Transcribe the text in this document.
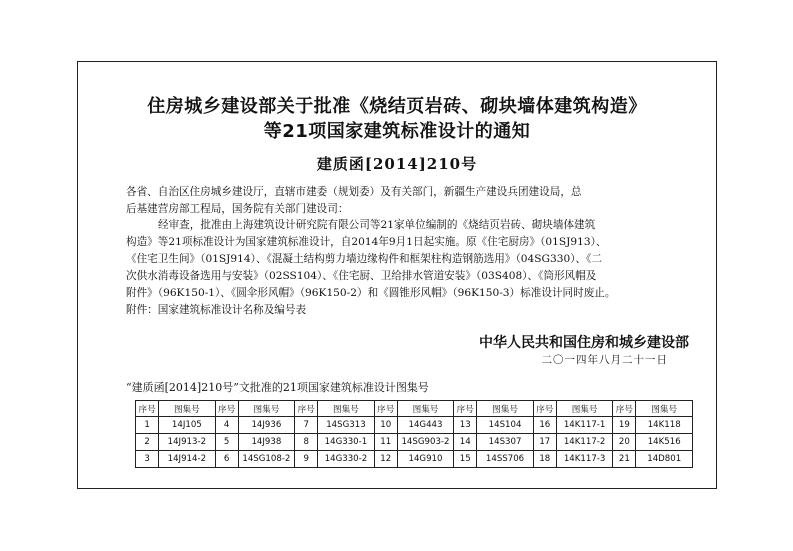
住房城乡建设部关于批准《烧结页岩砖、砌块墙体建筑构造》
等21项国家建筑标准设计的通知
建质函[2014]210号
各省、自治区住房城乡建设厅，直辖市建委（规划委）及有关部门，新疆生产建设兵团建设局，总
后基建营房部工程局，国务院有关部门建设司：
经审查，批准由上海建筑设计研究院有限公司等21家单位编制的《烧结页岩砖、砌块墙体建筑
构造》等21项标准设计为国家建筑标准设计，自2014年9月1日起实施。原《住宅厨房》（01SJ913）、
《住宅卫生间》（01SJ914）、《混凝土结构剪力墙边缘构件和框架柱构造钢筋选用》（04SG330）、《二
次供水消毒设备选用与安装》（02SS104）、《住宅厨、卫给排水管道安装》（03S408）、《筒形风帽及
附件》（96K150-1）、《圆伞形风帽》（96K150-2）和《圆锥形风帽》（96K150-3）标准设计同时废止。
附件：国家建筑标准设计名称及编号表
中华人民共和国住房和城乡建设部
二〇一四年八月二十一日
“建质函[2014]210号”文批准的21项国家建筑标准设计图集号
序号	图集号	序号	图集号	序号	图集号	序号	图集号	序号	图集号	序号	图集号	序号	图集号
1	14J105	4	14J936	7	14SG313	10	14G443	13	14S104	16	14K117-1	19	14K118
2	14J913-2	5	14J938	8	14G330-1	11	14SG903-2	14	14S307	17	14K117-2	20	14K516
3	14J914-2	6	14SG108-2	9	14G330-2	12	14G910	15	14SS706	18	14K117-3	21	14D801
